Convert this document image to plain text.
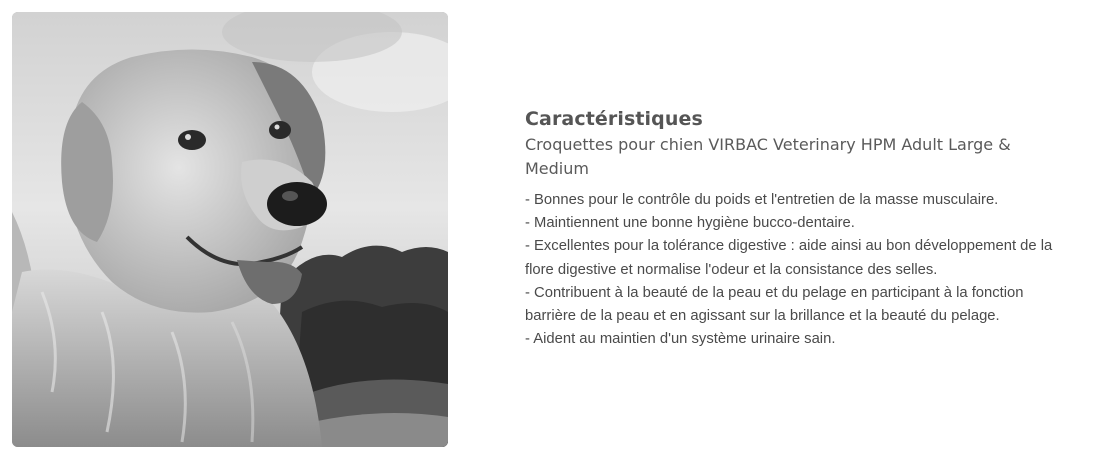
Caractéristiques

Croquettes pour chien VIRBAC Veterinary HPM Adult Large & Medium

- Bonnes pour le contrôle du poids et l'entretien de la masse musculaire.
- Maintiennent une bonne hygiène bucco-dentaire.
- Excellentes pour la tolérance digestive : aide ainsi au bon développement de la flore digestive et normalise l'odeur et la consistance des selles.
- Contribuent à la beauté de la peau et du pelage en participant à la fonction barrière de la peau et en agissant sur la brillance et la beauté du pelage.
- Aident au maintien d'un système urinaire sain.
